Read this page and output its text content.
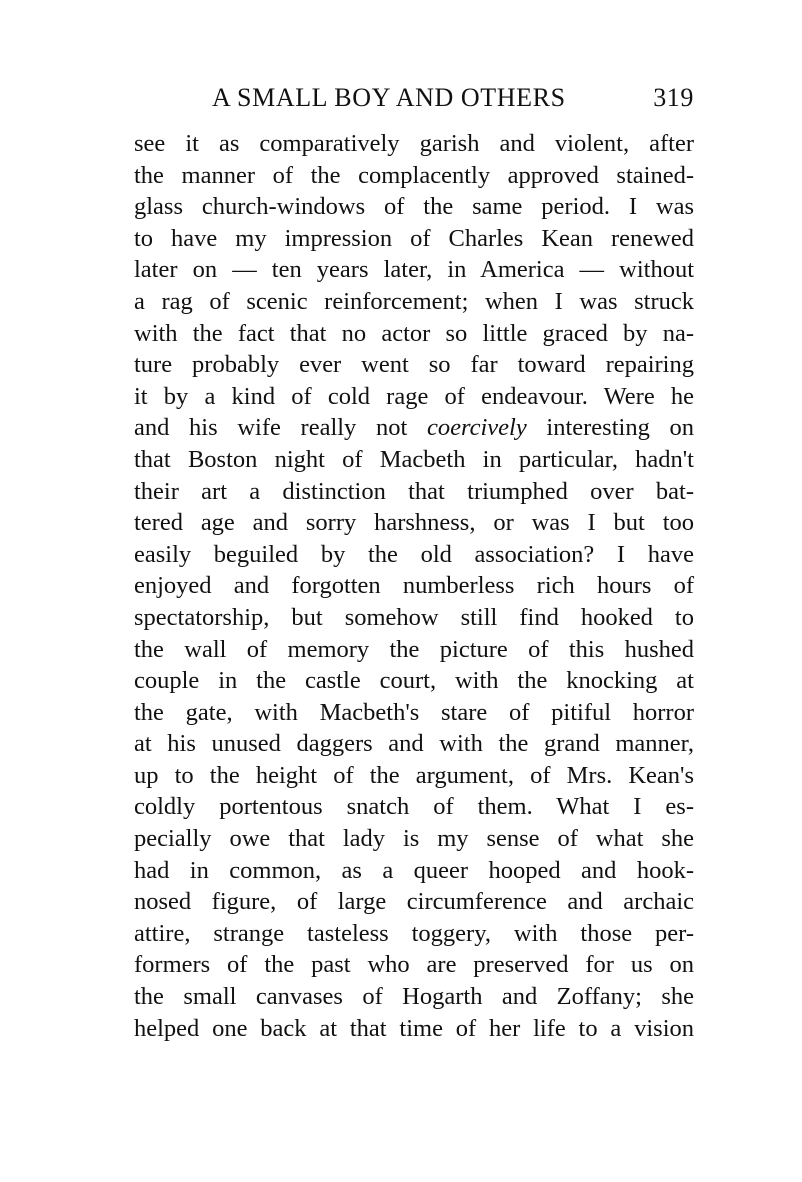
A SMALL BOY AND OTHERS	319
see it as comparatively garish and violent, after
the manner of the complacently approved stained-
glass church-windows of the same period. I was
to have my impression of Charles Kean renewed
later on — ten years later, in America — without
a rag of scenic reinforcement; when I was struck
with the fact that no actor so little graced by na-
ture probably ever went so far toward repairing
it by a kind of cold rage of endeavour. Were he
and his wife really not coercively interesting on
that Boston night of Macbeth in particular, hadn't
their art a distinction that triumphed over bat-
tered age and sorry harshness, or was I but too
easily beguiled by the old association? I have
enjoyed and forgotten numberless rich hours of
spectatorship, but somehow still find hooked to
the wall of memory the picture of this hushed
couple in the castle court, with the knocking at
the gate, with Macbeth's stare of pitiful horror
at his unused daggers and with the grand manner,
up to the height of the argument, of Mrs. Kean's
coldly portentous snatch of them. What I es-
pecially owe that lady is my sense of what she
had in common, as a queer hooped and hook-
nosed figure, of large circumference and archaic
attire, strange tasteless toggery, with those per-
formers of the past who are preserved for us on
the small canvases of Hogarth and Zoffany; she
helped one back at that time of her life to a vision
